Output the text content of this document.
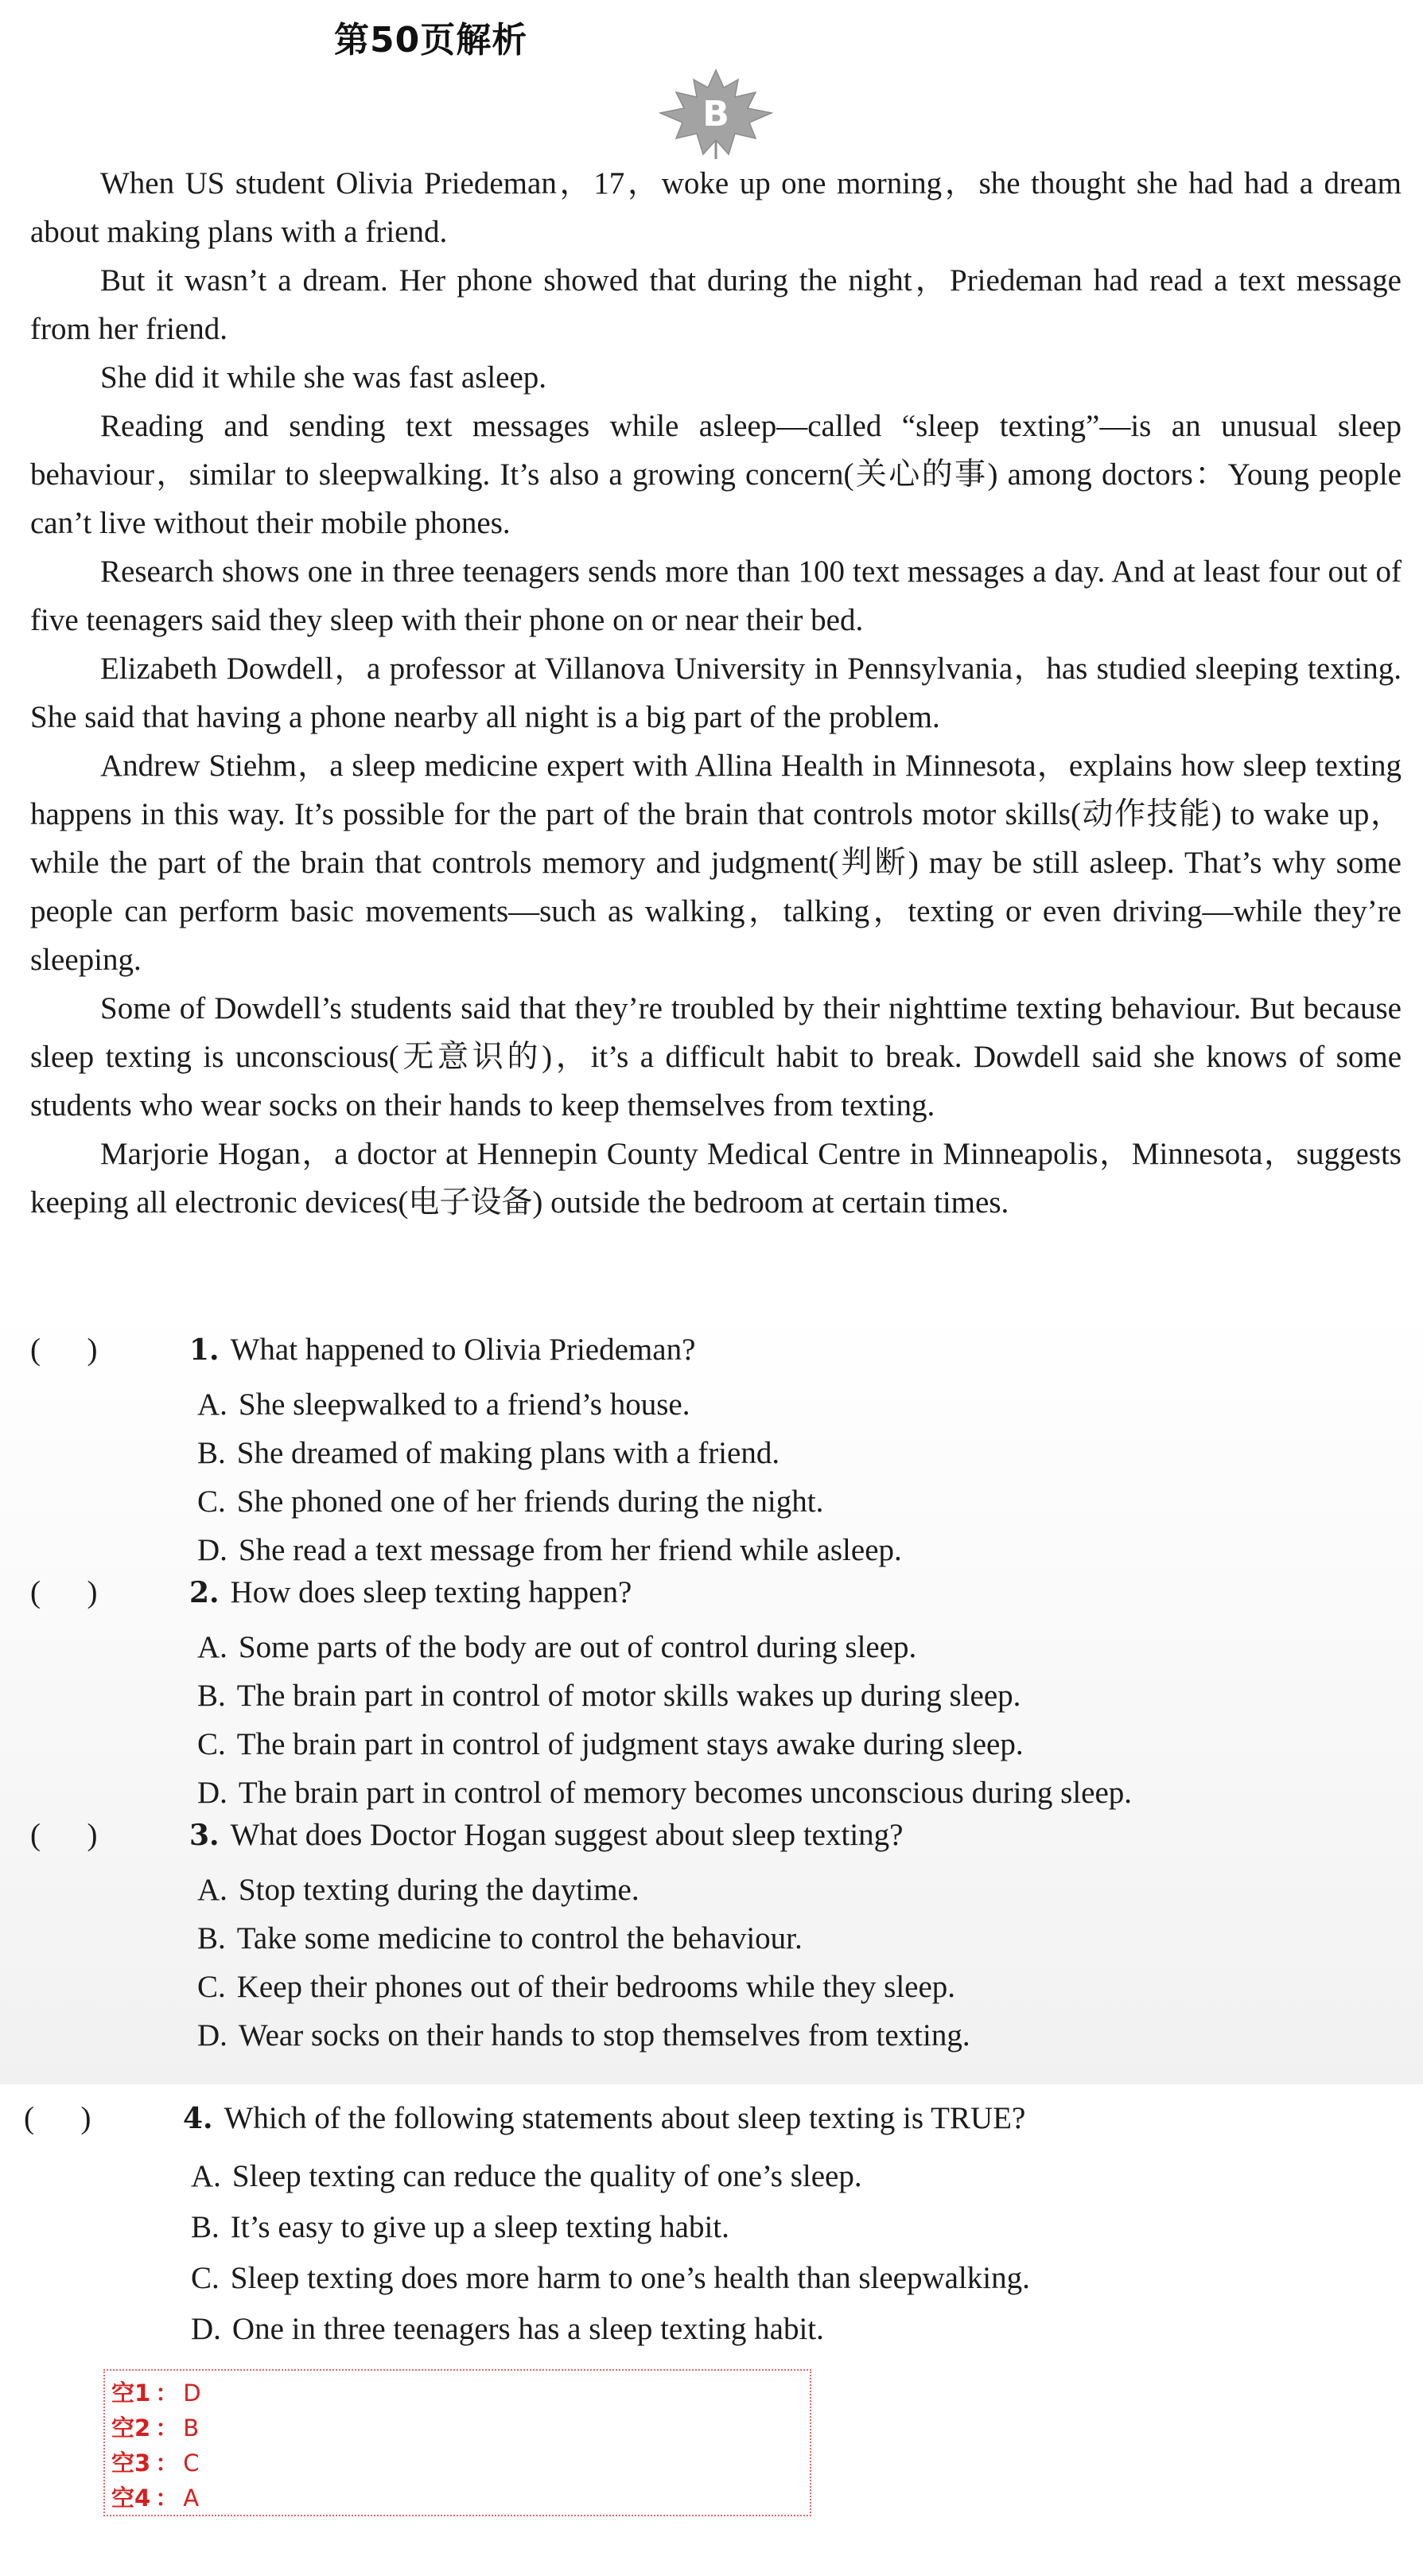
第50页解析
B

When US student Olivia Priedeman，17，woke up one morning，she thought she had had a dream about making plans with a friend.

But it wasn’t a dream. Her phone showed that during the night，Priedeman had read a text message from her friend.

She did it while she was fast asleep.

Reading and sending text messages while asleep—called “sleep texting”—is an unusual sleep behaviour，similar to sleepwalking. It’s also a growing concern(关心的事) among doctors：Young people can’t live without their mobile phones.

Research shows one in three teenagers sends more than 100 text messages a day. And at least four out of five teenagers said they sleep with their phone on or near their bed.

Elizabeth Dowdell，a professor at Villanova University in Pennsylvania，has studied sleeping texting. She said that having a phone nearby all night is a big part of the problem.

Andrew Stiehm，a sleep medicine expert with Allina Health in Minnesota，explains how sleep texting happens in this way. It’s possible for the part of the brain that controls motor skills(动作技能) to wake up，while the part of the brain that controls memory and judgment(判断) may be still asleep. That’s why some people can perform basic movements—such as walking，talking，texting or even driving—while they’re sleeping.

Some of Dowdell’s students said that they’re troubled by their nighttime texting behaviour. But because sleep texting is unconscious(无意识的)，it’s a difficult habit to break. Dowdell said she knows of some students who wear socks on their hands to keep themselves from texting.

Marjorie Hogan，a doctor at Hennepin County Medical Centre in Minneapolis，Minnesota，suggests keeping all electronic devices(电子设备) outside the bedroom at certain times.

(      )	1. What happened to Olivia Priedeman?
A. She sleepwalked to a friend’s house.
B. She dreamed of making plans with a friend.
C. She phoned one of her friends during the night.
D. She read a text message from her friend while asleep.
(      )	2. How does sleep texting happen?
A. Some parts of the body are out of control during sleep.
B. The brain part in control of motor skills wakes up during sleep.
C. The brain part in control of judgment stays awake during sleep.
D. The brain part in control of memory becomes unconscious during sleep.
(      )	3. What does Doctor Hogan suggest about sleep texting?
A. Stop texting during the daytime.
B. Take some medicine to control the behaviour.
C. Keep their phones out of their bedrooms while they sleep.
D. Wear socks on their hands to stop themselves from texting.
(      )	4. Which of the following statements about sleep texting is TRUE?
A. Sleep texting can reduce the quality of one’s sleep.
B. It’s easy to give up a sleep texting habit.
C. Sleep texting does more harm to one’s health than sleepwalking.
D. One in three teenagers has a sleep texting habit.
空1 ： D
空2 ： B
空3 ： C
空4 ： A
